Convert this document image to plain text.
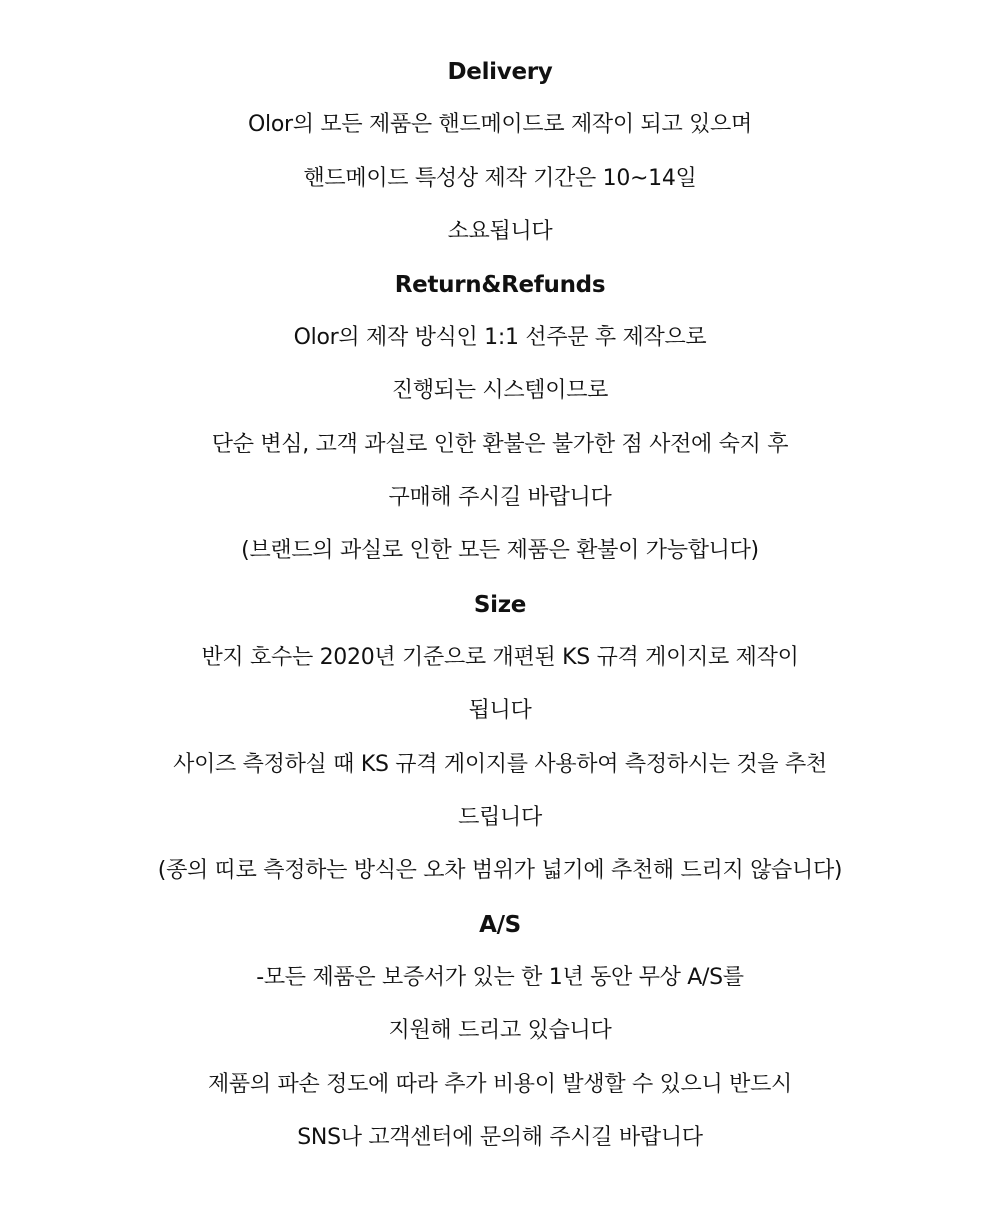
Delivery
Olor의 모든 제품은 핸드메이드로 제작이 되고 있으며
핸드메이드 특성상 제작 기간은 10~14일
소요됩니다
Return&Refunds
Olor의 제작 방식인 1:1 선주문 후 제작으로
진행되는 시스템이므로
단순 변심, 고객 과실로 인한 환불은 불가한 점 사전에 숙지 후
구매해 주시길 바랍니다
(브랜드의 과실로 인한 모든 제품은 환불이 가능합니다)
Size
반지 호수는 2020년 기준으로 개편된 KS 규격 게이지로 제작이
됩니다
사이즈 측정하실 때 KS 규격 게이지를 사용하여 측정하시는 것을 추천
드립니다
(종의 띠로 측정하는 방식은 오차 범위가 넓기에 추천해 드리지 않습니다)
A/S
-모든 제품은 보증서가 있는 한 1년 동안 무상 A/S를
지원해 드리고 있습니다
제품의 파손 정도에 따라 추가 비용이 발생할 수 있으니 반드시
SNS나 고객센터에 문의해 주시길 바랍니다
